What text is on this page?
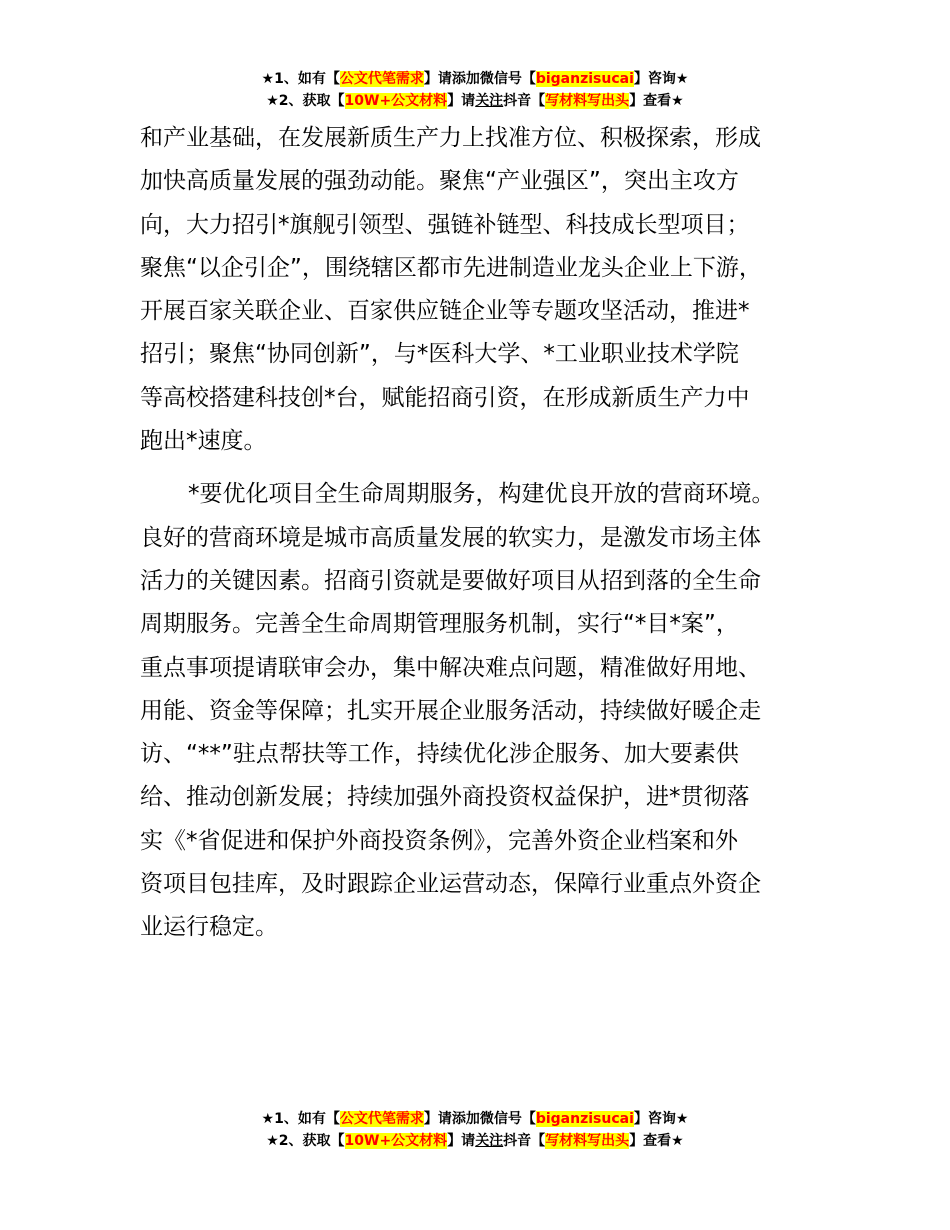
★1、如有【公文代笔需求】请添加微信号【biganzisucai】咨询★
★2、获取【10W+公文材料】请关注抖音【写材料写出头】查看★

和产业基础，在发展新质生产力上找准方位、积极探索，形成

加快高质量发展的强劲动能。聚焦“产业强区”，突出主攻方

向，大力招引*旗舰引领型、强链补链型、科技成长型项目；

聚焦“以企引企”，围绕辖区都市先进制造业龙头企业上下游，

开展百家关联企业、百家供应链企业等专题攻坚活动，推进*

招引；聚焦“协同创新”，与*医科大学、*工业职业技术学院

等高校搭建科技创*台，赋能招商引资，在形成新质生产力中

跑出*速度。

*要优化项目全生命周期服务，构建优良开放的营商环境。

良好的营商环境是城市高质量发展的软实力，是激发市场主体

活力的关键因素。招商引资就是要做好项目从招到落的全生命

周期服务。完善全生命周期管理服务机制，实行“*目*案”，

重点事项提请联审会办，集中解决难点问题，精准做好用地、

用能、资金等保障；扎实开展企业服务活动，持续做好暖企走

访、“**”驻点帮扶等工作，持续优化涉企服务、加大要素供

给、推动创新发展；持续加强外商投资权益保护，进*贯彻落

实《*省促进和保护外商投资条例》，完善外资企业档案和外

资项目包挂库，及时跟踪企业运营动态，保障行业重点外资企

业运行稳定。

★1、如有【公文代笔需求】请添加微信号【biganzisucai】咨询★
★2、获取【10W+公文材料】请关注抖音【写材料写出头】查看★
